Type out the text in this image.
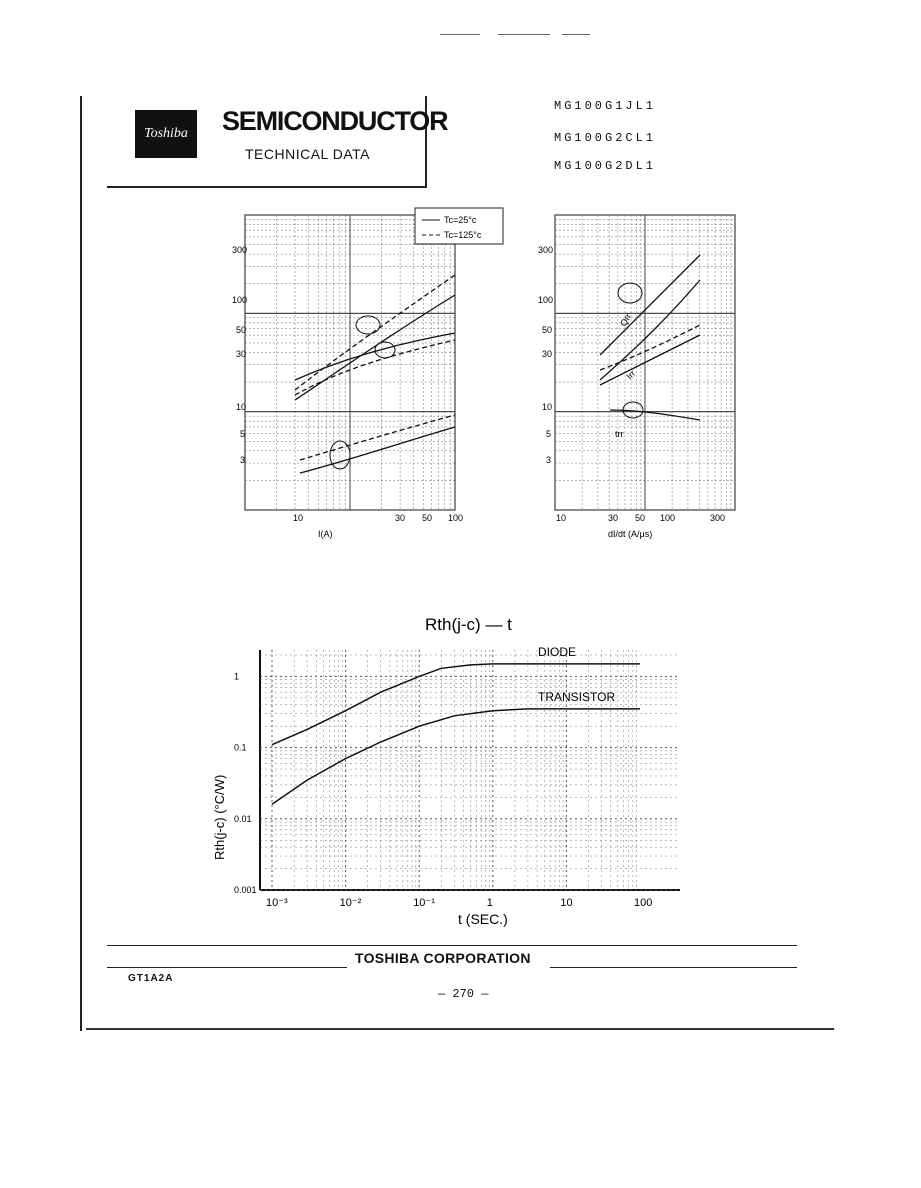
Toshiba SEMICONDUCTOR
TECHNICAL DATA
MG100G1JL1
MG100G2CL1
MG100G2DL1
Tc=25°c
Tc=125°c
Qrr
Irr
trr
300
100
50
30
10
5
3
300
100
50
30
10
5
3
10	30 50 100	10	30 50 100	300
I(A)	dI/dt (A/μs)
DIODE
TRANSISTOR
10⁻³	10⁻²	10⁻¹	1	10	100
1
0.1
0.01
0.001
Rth(j-c) — t
t (SEC.)
Rth(j-c) (°C/W)
TOSHIBA CORPORATION
GT1A2A
— 270 —
